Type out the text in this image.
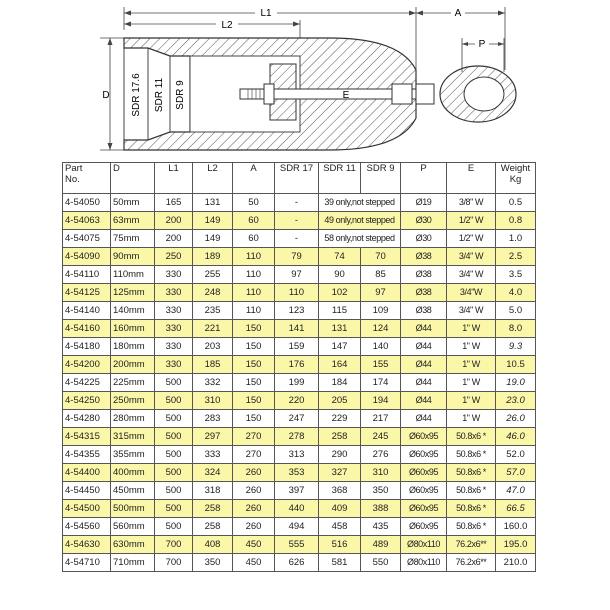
L1	A
L2
D	E
P
SDR 17.6 SDR 11 SDR 9
Part
No.	D	L1	L2	A	SDR 17	SDR 11	SDR 9	P	E	Weight
Kg
4-54050	50mm	165	131	50	-	39 only,not stepped		Ø19	3/8" W	0.5
4-54063	63mm	200	149	60	-	49 only,not stepped		Ø30	1/2" W	0.8
4-54075	75mm	200	149	60	-	58 only,not stepped		Ø30	1/2" W	1.0
4-54090	90mm	250	189	110	79	74	70	Ø38	3/4" W	2.5
4-54110	110mm	330	255	110	97	90	85	Ø38	3/4" W	3.5
4-54125	125mm	330	248	110	110	102	97	Ø38	3/4"W	4.0
4-54140	140mm	330	235	110	123	115	109	Ø38	3/4" W	5.0
4-54160	160mm	330	221	150	141	131	124	Ø44	1" W	8.0
4-54180	180mm	330	203	150	159	147	140	Ø44	1" W	9.3
4-54200	200mm	330	185	150	176	164	155	Ø44	1" W	10.5
4-54225	225mm	500	332	150	199	184	174	Ø44	1" W	19.0
4-54250	250mm	500	310	150	220	205	194	Ø44	1" W	23.0
4-54280	280mm	500	283	150	247	229	217	Ø44	1" W	26.0
4-54315	315mm	500	297	270	278	258	245	Ø60x95	50.8x6 *	46.0
4-54355	355mm	500	333	270	313	290	276	Ø60x95	50.8x6 *	52.0
4-54400	400mm	500	324	260	353	327	310	Ø60x95	50.8x6 *	57.0
4-54450	450mm	500	318	260	397	368	350	Ø60x95	50.8x6 *	47.0
4-54500	500mm	500	258	260	440	409	388	Ø60x95	50.8x6 *	66.5
4-54560	560mm	500	258	260	494	458	435	Ø60x95	50.8x6 *	160.0
4-54630	630mm	700	408	450	555	516	489	Ø80x110	76.2x6**	195.0
4-54710	710mm	700	350	450	626	581	550	Ø80x110	76.2x6**	210.0
